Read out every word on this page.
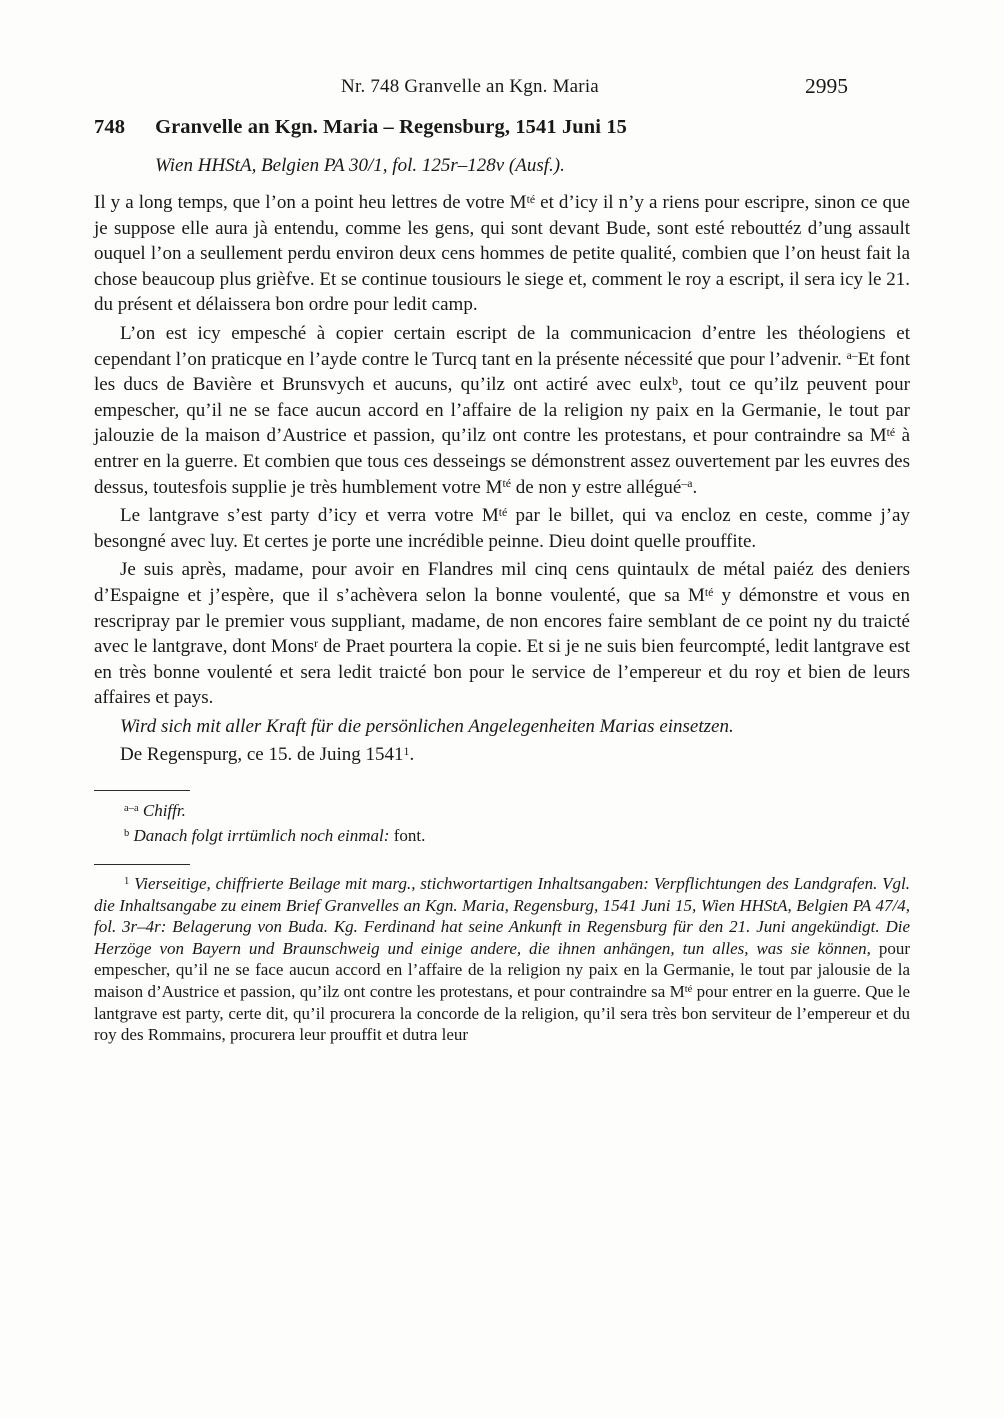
Nr. 748 Granvelle an Kgn. Maria	2995
748 Granvelle an Kgn. Maria – Regensburg, 1541 Juni 15

Wien HHStA, Belgien PA 30/1, fol. 125r–128v (Ausf.).

Il y a long temps, que l’on a point heu lettres de votre $M^{té}$ et d’icy il n’y a riens pour escripre, sinon ce que je suppose elle aura jà entendu, comme les gens, qui sont devant Bude, sont esté rebouttéz d’ung assault ouquel l’on a seullement perdu environ deux cens hommes de petite qualité, combien que l’on heust fait la chose beaucoup plus grièfve. Et se continue tousiours le siege et, comment le roy a escript, il sera icy le 21. du présent et délaissera bon ordre pour ledit camp.

L’on est icy empesché à copier certain escript de la communicacion d’entre les théologiens et cependant l’on praticque en l’ayde contre le Turcq tant en la présente nécessité que pour l’advenir. $^{a-}$Et font les ducs de Bavière et Brunsvych et aucuns, qu’ilz ont actiré avec eulx$^b$, tout ce qu’ilz peuvent pour empescher, qu’il ne se face aucun accord en l’affaire de la religion ny paix en la Germanie, le tout par jalouzie de la maison d’Austrice et passion, qu’ilz ont contre les protestans, et pour contraindre sa $M^{té}$ à entrer en la guerre. Et combien que tous ces desseings se démonstrent assez ouvertement par les euvres des dessus, toutesfois supplie je très humblement votre $M^{té}$ de non y estre allégué$^{-a}$.

Le lantgrave s’est party d’icy et verra votre $M^{té}$ par le billet, qui va encloz en ceste, comme j’ay besongné avec luy. Et certes je porte une incrédible peinne. Dieu doint quelle prouffite.

Je suis après, madame, pour avoir en Flandres mil cinq cens quintaulx de métal paiéz des deniers d’Espaigne et j’espère, que il s’achèvera selon la bonne voulenté, que sa $M^{té}$ y démonstre et vous en rescripray par le premier vous suppliant, madame, de non encores faire semblant de ce point ny du traicté avec le lantgrave, dont Mons$^r$ de Praet pourtera la copie. Et si je ne suis bien feurcompté, ledit lantgrave est en très bonne voulenté et sera ledit traicté bon pour le service de l’empereur et du roy et bien de leurs affaires et pays.

Wird sich mit aller Kraft für die persönlichen Angelegenheiten Marias einsetzen.

De Regenspurg, ce 15. de Juing 1541$^1$.

$^{a-a}$ Chiffr.

$^b$ Danach folgt irrtümlich noch einmal: font.

$^1$ Vierseitige, chiffrierte Beilage mit marg., stichwortartigen Inhaltsangaben: Verpflichtungen des Landgrafen. Vgl. die Inhaltsangabe zu einem Brief Granvelles an Kgn. Maria, Regensburg, 1541 Juni 15, Wien HHStA, Belgien PA 47/4, fol. 3r–4r: Belagerung von Buda. Kg. Ferdinand hat seine Ankunft in Regensburg für den 21. Juni angekündigt. Die Herzöge von Bayern und Braunschweig und einige andere, die ihnen anhängen, tun alles, was sie können, pour empescher, qu’il ne se face aucun accord en l’affaire de la religion ny paix en la Germanie, le tout par jalousie de la maison d’Austrice et passion, qu’ilz ont contre les protestans, et pour contraindre sa $M^{té}$ pour entrer en la guerre. Que le lantgrave est party, certe dit, qu’il procurera la concorde de la religion, qu’il sera très bon serviteur de l’empereur et du roy des Rommains, procurera leur prouffit et dutra leur
